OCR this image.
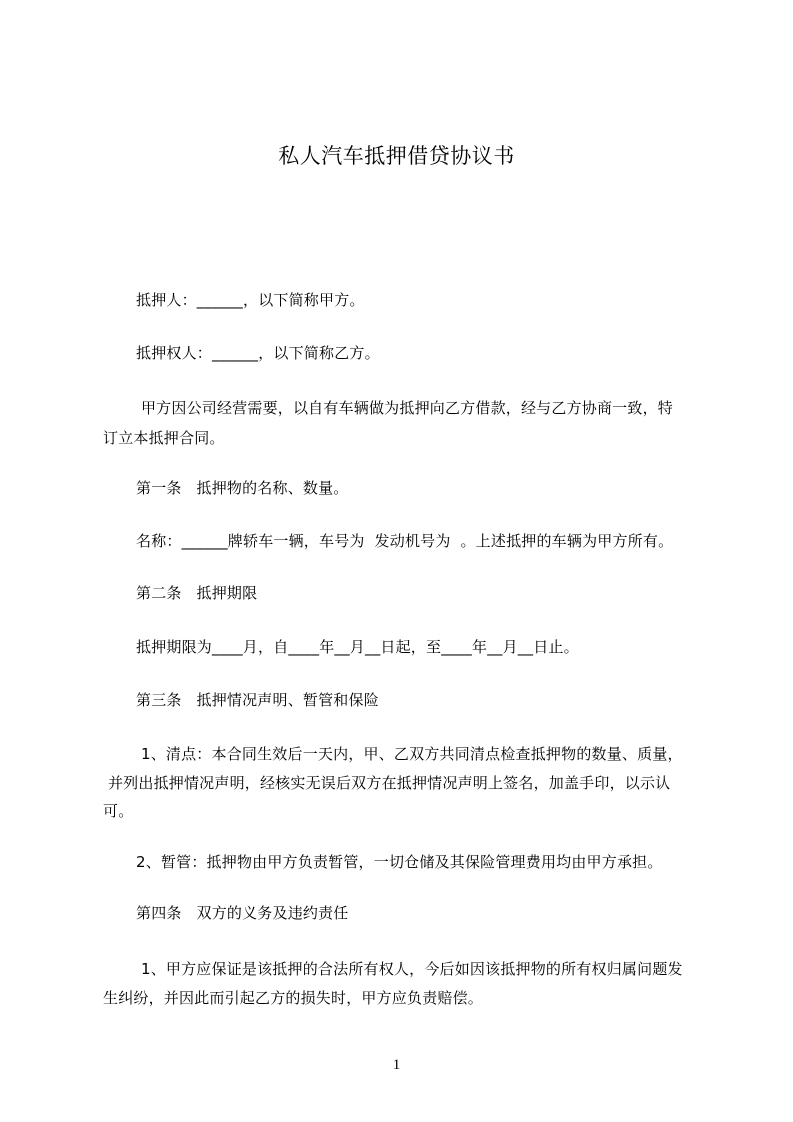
私人汽车抵押借贷协议书
抵押人：______，以下简称甲方。
抵押权人：______，以下简称乙方。
甲方因公司经营需要，以自有车辆做为抵押向乙方借款，经与乙方协商一致，特
订立本抵押合同。
第一条   抵押物的名称、数量。
名称：______牌轿车一辆，车号为  发动机号为  。上述抵押的车辆为甲方所有。
第二条   抵押期限
抵押期限为____月，自____年__月__日起，至____年__月__日止。
第三条   抵押情况声明、暂管和保险
1、清点：本合同生效后一天内，甲、乙双方共同清点检查抵押物的数量、质量，
并列出抵押情况声明，经核实无误后双方在抵押情况声明上签名，加盖手印，以示认
可。
2、暂管：抵押物由甲方负责暂管，一切仓储及其保险管理费用均由甲方承担。
第四条   双方的义务及违约责任
1、甲方应保证是该抵押的合法所有权人，今后如因该抵押物的所有权归属问题发
生纠纷，并因此而引起乙方的损失时，甲方应负责赔偿。
1
